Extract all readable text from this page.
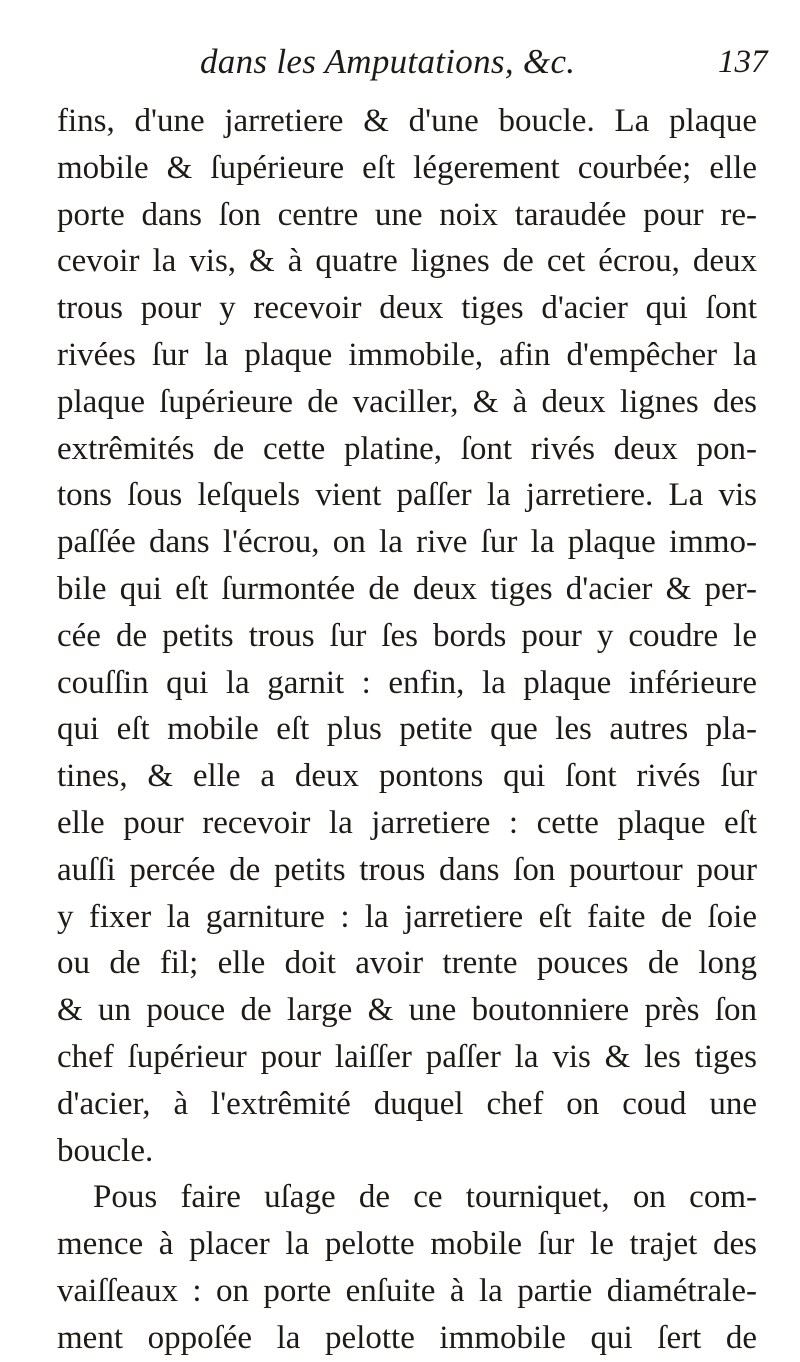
dans les Amputations, &c.	137
fins, d'une jarretiere & d'une boucle. La plaque
mobile & ſupérieure eſt légerement courbée; elle
porte dans ſon centre une noix taraudée pour re-
cevoir la vis, & à quatre lignes de cet écrou, deux
trous pour y recevoir deux tiges d'acier qui ſont
rivées ſur la plaque immobile, afin d'empêcher la
plaque ſupérieure de vaciller, & à deux lignes des
extrêmités de cette platine, ſont rivés deux pon-
tons ſous leſquels vient paſſer la jarretiere. La vis
paſſée dans l'écrou, on la rive ſur la plaque immo-
bile qui eſt ſurmontée de deux tiges d'acier & per-
cée de petits trous ſur ſes bords pour y coudre le
couſſin qui la garnit : enfin, la plaque inférieure
qui eſt mobile eſt plus petite que les autres pla-
tines, & elle a deux pontons qui ſont rivés ſur
elle pour recevoir la jarretiere : cette plaque eſt
auſſi percée de petits trous dans ſon pourtour pour
y fixer la garniture : la jarretiere eſt faite de ſoie
ou de fil; elle doit avoir trente pouces de long
& un pouce de large & une boutonniere près ſon
chef ſupérieur pour laiſſer paſſer la vis & les tiges
d'acier, à l'extrêmité duquel chef on coud une
boucle.
Pous faire uſage de ce tourniquet, on com-
mence à placer la pelotte mobile ſur le trajet des
vaiſſeaux : on porte enſuite à la partie diamétrale-
ment oppoſée la pelotte immobile qui ſert de
